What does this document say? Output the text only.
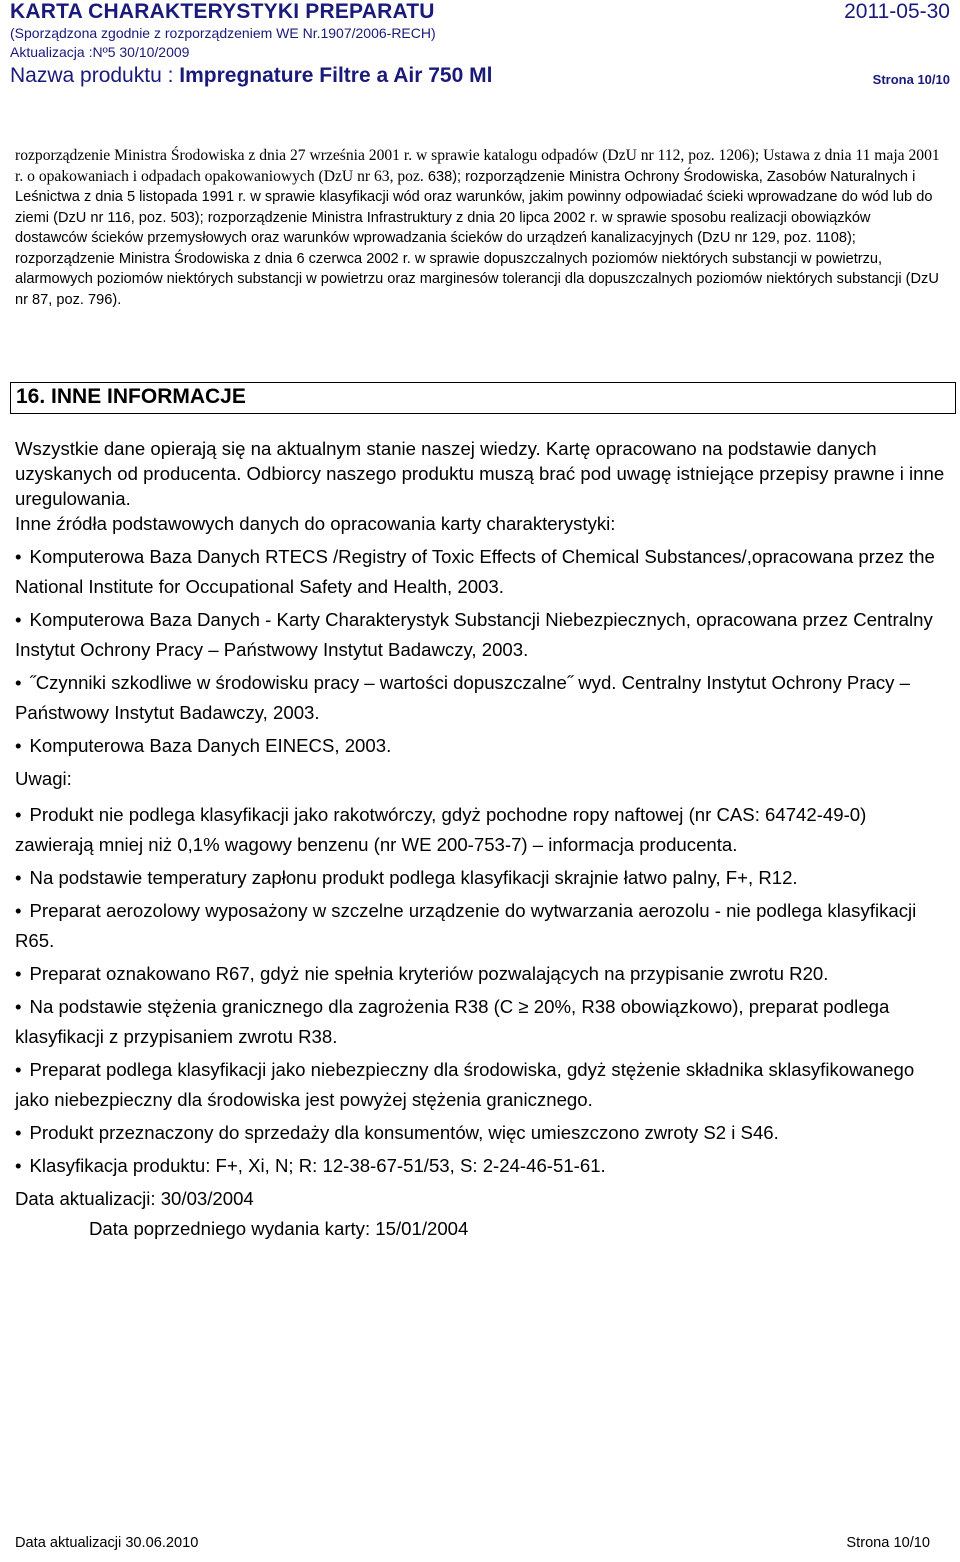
KARTA CHARAKTERYSTYKI PREPARATU	2011-05-30
(Sporządzona zgodnie z rozporządzeniem WE Nr.1907/2006-RECH)
Aktualizacja :Nº5 30/10/2009
Nazwa produktu : Impregnature Filtre a Air 750 Ml	Strona 10/10
rozporządzenie Ministra Środowiska z dnia 27 września 2001 r. w sprawie katalogu odpadów (DzU nr 112, poz. 1206); Ustawa z dnia 11 maja 2001 r. o opakowaniach i odpadach opakowaniowych (DzU nr 63, poz. 638); rozporządzenie Ministra Ochrony Środowiska, Zasobów Naturalnych i Leśnictwa z dnia 5 listopada 1991 r. w sprawie klasyfikacji wód oraz warunków, jakim powinny odpowiadać ścieki wprowadzane do wód lub do ziemi (DzU nr 116, poz. 503); rozporządzenie Ministra Infrastruktury z dnia 20 lipca 2002 r. w sprawie sposobu realizacji obowiązków dostawców ścieków przemysłowych oraz warunków wprowadzania ścieków do urządzeń kanalizacyjnych (DzU nr 129, poz. 1108); rozporządzenie Ministra Środowiska z dnia 6 czerwca 2002 r. w sprawie dopuszczalnych poziomów niektórych substancji w powietrzu, alarmowych poziomów niektórych substancji w powietrzu oraz marginesów tolerancji dla dopuszczalnych poziomów niektórych substancji (DzU nr 87, poz. 796).
16. INNE INFORMACJE

Wszystkie dane opierają się na aktualnym stanie naszej wiedzy. Kartę opracowano na podstawie danych uzyskanych od producenta. Odbiorcy naszego produktu muszą brać pod uwagę istniejące przepisy prawne i inne uregulowania.
Inne źródła podstawowych danych do opracowania karty charakterystyki:

• Komputerowa Baza Danych RTECS /Registry of Toxic Effects of Chemical Substances/,opracowana przez the National Institute for Occupational Safety and Health, 2003.
• Komputerowa Baza Danych - Karty Charakterystyk Substancji Niebezpiecznych, opracowana przez Centralny Instytut Ochrony Pracy ‒ Państwowy Instytut Badawczy, 2003.
• ˝Czynniki szkodliwe w środowisku pracy ‒ wartości dopuszczalne˝ wyd. Centralny Instytut Ochrony Pracy ‒ Państwowy Instytut Badawczy, 2003.
• Komputerowa Baza Danych EINECS, 2003.
Uwagi:
• Produkt nie podlega klasyfikacji jako rakotwórczy, gdyż pochodne ropy naftowej (nr CAS: 64742-49-0) zawierają mniej niż 0,1% wagowy benzenu (nr WE 200-753-7) ‒ informacja producenta.
• Na podstawie temperatury zapłonu produkt podlega klasyfikacji skrajnie łatwo palny, F+, R12.
• Preparat aerozolowy wyposażony w szczelne urządzenie do wytwarzania aerozolu - nie podlega klasyfikacji R65.
• Preparat oznakowano R67, gdyż nie spełnia kryteriów pozwalających na przypisanie zwrotu R20.
• Na podstawie stężenia granicznego dla zagrożenia R38 (C ≥ 20%, R38 obowiązkowo), preparat podlega klasyfikacji z przypisaniem zwrotu R38.
• Preparat podlega klasyfikacji jako niebezpieczny dla środowiska, gdyż stężenie składnika sklasyfikowanego jako niebezpieczny dla środowiska jest powyżej stężenia granicznego.
• Produkt przeznaczony do sprzedaży dla konsumentów, więc umieszczono zwroty S2 i S46.
• Klasyfikacja produktu: F+, Xi, N; R: 12-38-67-51/53, S: 2-24-46-51-61.
Data aktualizacji: 30/03/2004
Data poprzedniego wydania karty: 15/01/2004
Data aktualizacji 30.06.2010	Strona 10/10
